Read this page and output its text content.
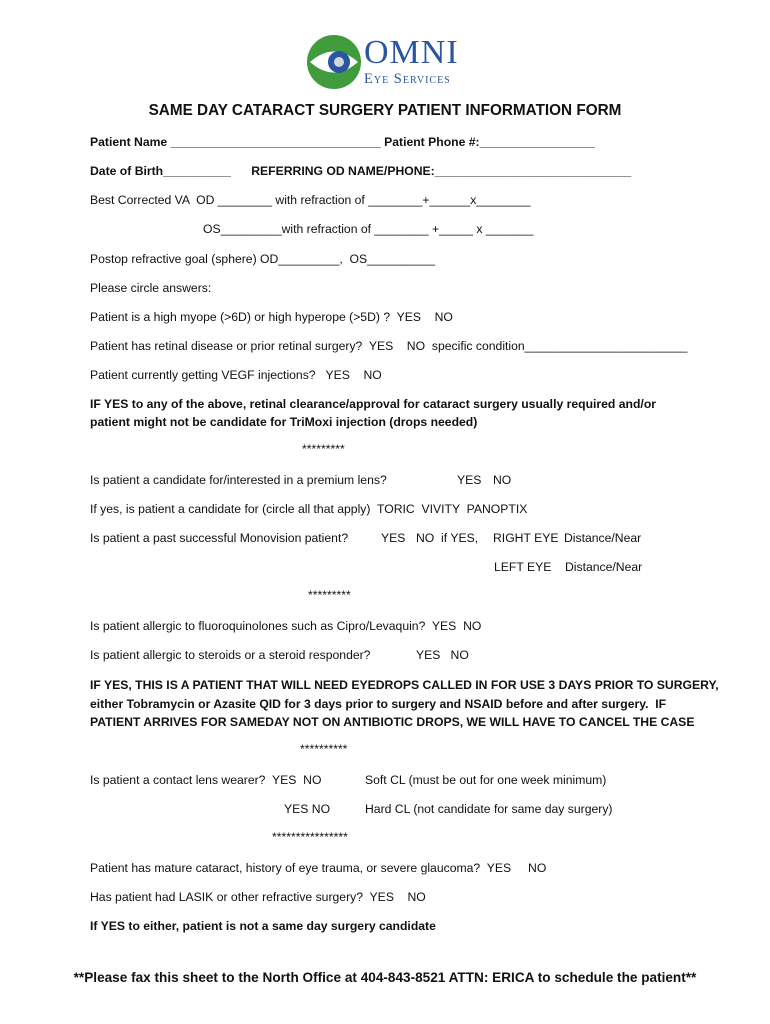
OMNI
Eye Services
SAME DAY CATARACT SURGERY PATIENT INFORMATION FORM
Patient Name _______________________________ Patient Phone #:_________________
Date of Birth__________      REFERRING OD NAME/PHONE:_____________________________
Best Corrected VA  OD ________ with refraction of ________+______x________
OS_________with refraction of ________ +_____ x _______
Postop refractive goal (sphere) OD_________,  OS__________
Please circle answers:
Patient is a high myope (>6D) or high hyperope (>5D) ?  YES    NO
Patient has retinal disease or prior retinal surgery?  YES    NO  specific condition________________________
Patient currently getting VEGF injections?   YES    NO
IF YES to any of the above, retinal clearance/approval for cataract surgery usually required and/or
patient might not be candidate for TriMoxi injection (drops needed)
*********
Is patient a candidate for/interested in a premium lens?	YES NO
If yes, is patient a candidate for (circle all that apply)  TORIC  VIVITY  PANOPTIX
Is patient a past successful Monovision patient?	YES NO  if YES, RIGHT EYE Distance/Near
LEFT EYE Distance/Near
*********
Is patient allergic to fluoroquinolones such as Cipro/Levaquin?  YES  NO
Is patient allergic to steroids or a steroid responder?	YES   NO
IF YES, THIS IS A PATIENT THAT WILL NEED EYEDROPS CALLED IN FOR USE 3 DAYS PRIOR TO SURGERY,
either Tobramycin or Azasite QID for 3 days prior to surgery and NSAID before and after surgery.  IF
PATIENT ARRIVES FOR SAMEDAY NOT ON ANTIBIOTIC DROPS, WE WILL HAVE TO CANCEL THE CASE
**********
Is patient a contact lens wearer?  YES  NO	Soft CL (must be out for one week minimum)
YES NO	Hard CL (not candidate for same day surgery)
****************
Patient has mature cataract, history of eye trauma, or severe glaucoma?  YES     NO
Has patient had LASIK or other refractive surgery?  YES    NO
If YES to either, patient is not a same day surgery candidate
**Please fax this sheet to the North Office at 404-843-8521 ATTN: ERICA to schedule the patient**
